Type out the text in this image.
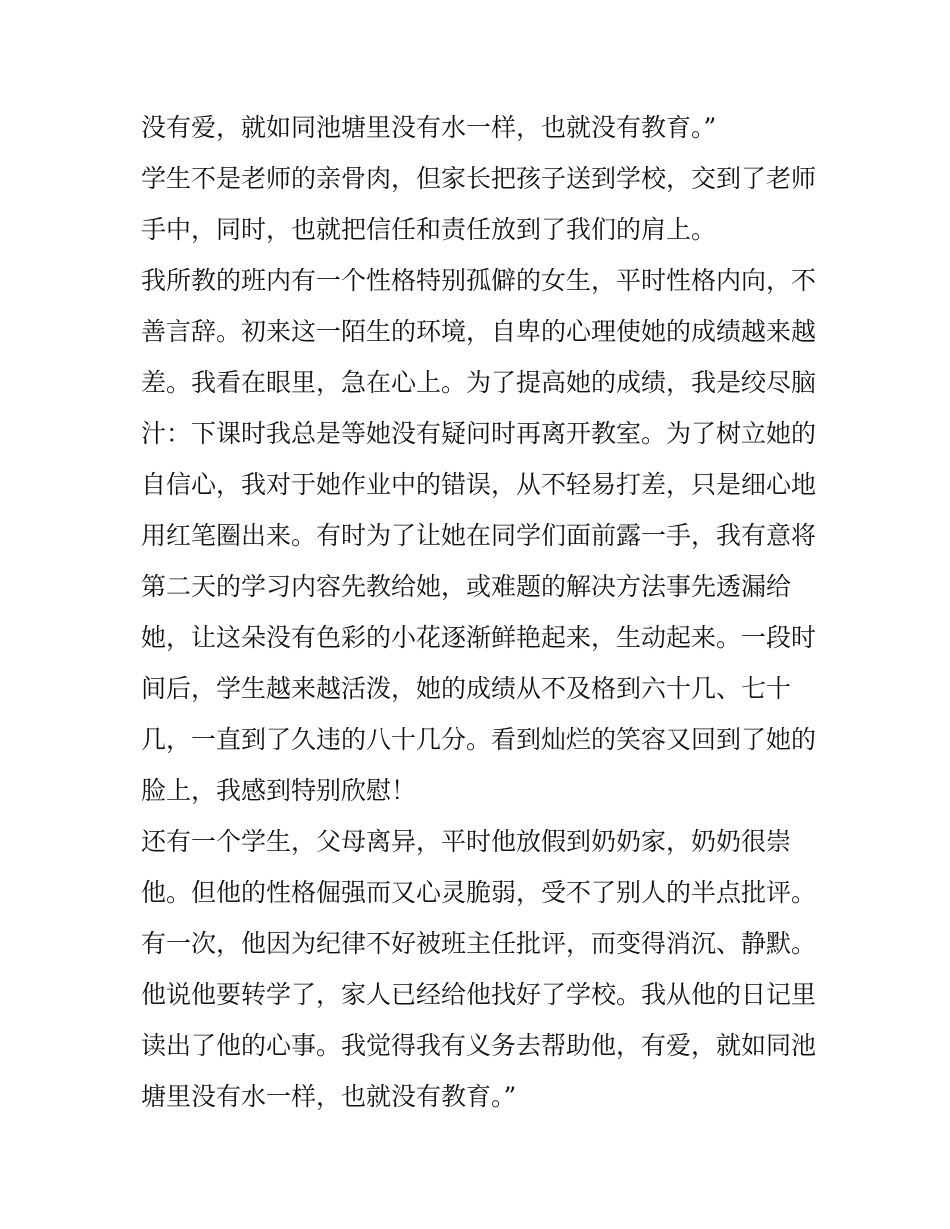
没有爱，就如同池塘里没有水一样，也就没有教育。”
学生不是老师的亲骨肉，但家长把孩子送到学校，交到了老师
手中，同时，也就把信任和责任放到了我们的肩上。
我所教的班内有一个性格特别孤僻的女生，平时性格内向，不
善言辞。初来这一陌生的环境，自卑的心理使她的成绩越来越
差。我看在眼里，急在心上。为了提高她的成绩，我是绞尽脑
汁：下课时我总是等她没有疑问时再离开教室。为了树立她的
自信心，我对于她作业中的错误，从不轻易打差，只是细心地
用红笔圈出来。有时为了让她在同学们面前露一手，我有意将
第二天的学习内容先教给她，或难题的解决方法事先透漏给
她，让这朵没有色彩的小花逐渐鲜艳起来，生动起来。一段时
间后，学生越来越活泼，她的成绩从不及格到六十几、七十
几，一直到了久违的八十几分。看到灿烂的笑容又回到了她的
脸上，我感到特别欣慰！
还有一个学生，父母离异，平时他放假到奶奶家，奶奶很崇
他。但他的性格倔强而又心灵脆弱，受不了别人的半点批评。
有一次，他因为纪律不好被班主任批评，而变得消沉、静默。
他说他要转学了，家人已经给他找好了学校。我从他的日记里
读出了他的心事。我觉得我有义务去帮助他，有爱，就如同池
塘里没有水一样，也就没有教育。”
